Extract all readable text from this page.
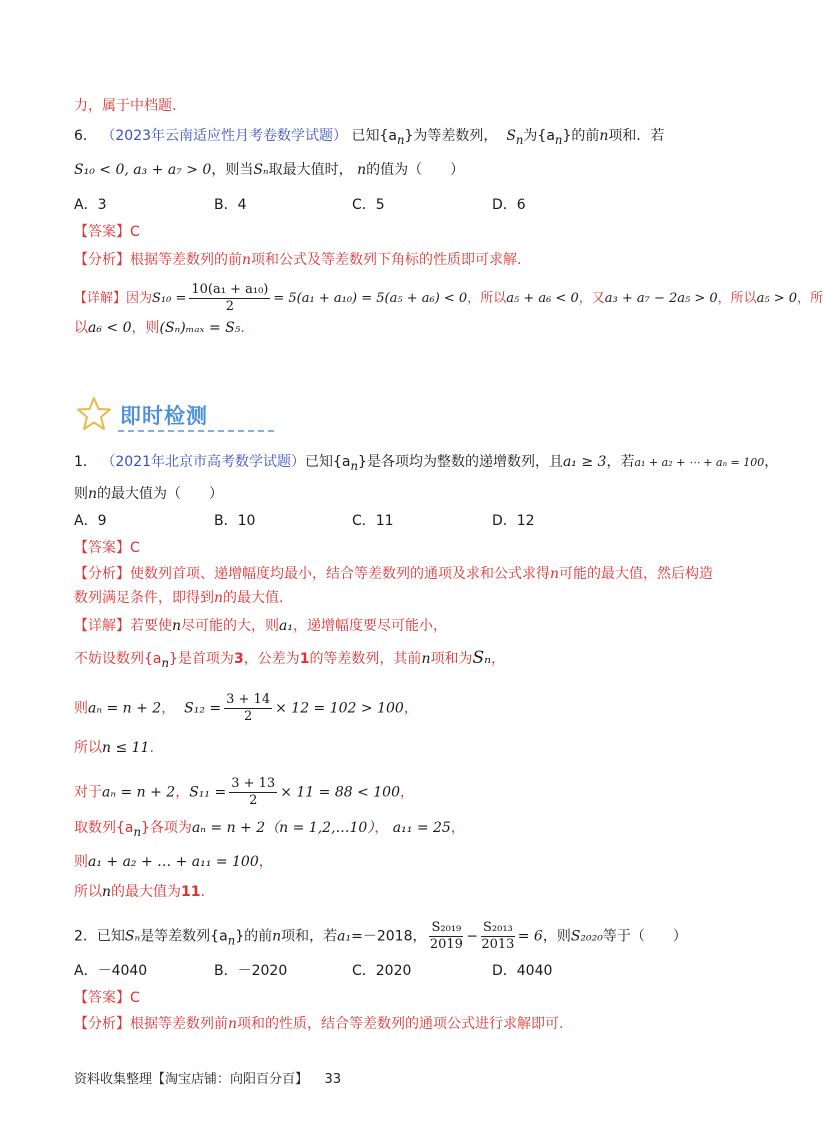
力，属于中档题.
6． （2023年云南适应性月考卷数学试题） 已知$\{a_n\}$为等差数列， $S_n$为$\{a_n\}$的前n项和．若
S₁₀ < 0, a₃ + a₇ > 0，则当Sₙ取最大值时， n的值为（　　）
A．3	B．4	C．5	D．6
【答案】C
【分析】根据等差数列的前n项和公式及等差数列下角标的性质即可求解.
【详解】因为$S_{10} = \frac{\text{10(a₁ + a₁₀)}}{2} = 5(a_1 + a_{10}) = 5(a_5 + a_6) < 0$，所以a₅ + a₆ < 0，又a₃ + a₇ − 2a₅ > 0，所以a₅ > 0，所
以a₆ < 0，则(Sₙ)ₘₐₓ = S₅.
即时检测
1． （2021年北京市高考数学试题）已知$\{a_n\}$是各项均为整数的递增数列，且a₁ ≥ 3，若a₁ + a₂ + ⋯ + aₙ = 100，
则n的最大值为（　　）
A．9	B．10	C．11	D．12
【答案】C
【分析】使数列首项、递增幅度均最小，结合等差数列的通项及求和公式求得n可能的最大值，然后构造
数列满足条件，即得到n的最大值.
【详解】若要使n尽可能的大，则a₁，递增幅度要尽可能小，
不妨设数列$\{a_n\}$是首项为3，公差为1的等差数列，其前n项和为Sₙ，
则aₙ = n + 2， $S_{12} = \frac{3 + 14}{2} \times 12 = 102 > 100$，
所以n ≤ 11.
对于aₙ = n + 2，$S_{11} = \frac{3 + 13}{2} \times 11 = 88 < 100$，
取数列$\{a_n\}$各项为aₙ = n + 2（n = 1,2,…10）， a₁₁ = 25，
则a₁ + a₂ + … + a₁₁ = 100，
所以n的最大值为11.
2．已知Sₙ是等差数列$\{a_n\}$的前n项和，若a₁=－2018， $\frac{\text{S₂₀₁₉}}{2019} - \frac{\text{S₂₀₁₃}}{2013} = 6$，则S₂₀₂₀等于（　　）
A．－4040	B．－2020	C．2020	D．4040
【答案】C
【分析】根据等差数列前n项和的性质，结合等差数列的通项公式进行求解即可.
资料收集整理【淘宝店铺：向阳百分百】 33
